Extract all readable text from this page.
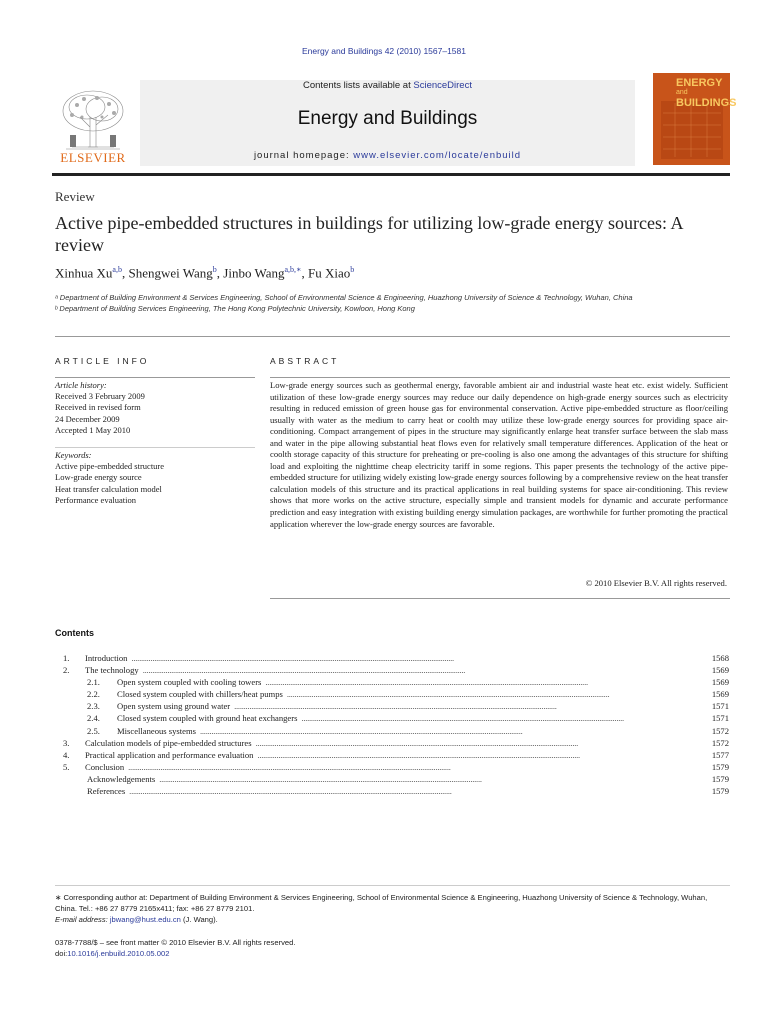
Energy and Buildings 42 (2010) 1567–1581
Contents lists available at ScienceDirect
Energy and Buildings
journal homepage: www.elsevier.com/locate/enbuild
ELSEVIER
ENERGY
and
BUILDINGS
Review
Active pipe-embedded structures in buildings for utilizing low-grade energy sources: A review
Xinhua Xu$^{a,b}$, Shengwei Wang$^b$, Jinbo Wang$^{a,b,∗}$, Fu Xiao$^b$
ᵃ Department of Building Environment & Services Engineering, School of Environmental Science & Engineering, Huazhong University of Science & Technology, Wuhan, China
ᵇ Department of Building Services Engineering, The Hong Kong Polytechnic University, Kowloon, Hong Kong
ARTICLE INFO	ABSTRACT
Article history:
Received 3 February 2009
Received in revised form
24 December 2009
Accepted 1 May 2010
Keywords:
Active pipe-embedded structure
Low-grade energy source
Heat transfer calculation model
Performance evaluation
Low-grade energy sources such as geothermal energy, favorable ambient air and industrial waste heat etc. exist widely. Sufficient utilization of these low-grade energy sources may reduce our daily dependence on high-grade energy sources such as electricity resulting in reduced emission of green house gas for environmental conservation. Active pipe-embedded structure as floor/ceiling usually with water as the medium to carry heat or coolth may utilize these low-grade energy sources for providing space air-conditioning. Compact arrangement of pipes in the structure may significantly enlarge heat transfer surface between the slab mass and water in the pipe allowing substantial heat flows even for relatively small temperature differences. Application of the heat or coolth storage capacity of this structure for preheating or pre-cooling is also one among the advantages of this structure for shifting load and exploiting the nighttime cheap electricity tariff in some regions. This paper presents the technology of the active pipe-embedded structure for utilizing widely existing low-grade energy sources following by a comprehensive review on the heat transfer calculation models of this structure and its practical applications in real building systems for space air-conditioning. This review shows that more works on the active structure, especially simple and transient models for dynamic and accurate performance prediction and easy integration with existing building energy simulation packages, are worthwhile for further promoting the practical application wherever the low-grade energy sources are favorable.
© 2010 Elsevier B.V. All rights reserved.
Contents
1.	Introduction . . .	1568
2.	The technology . . .	1569
2.1.	Open system coupled with cooling towers . . .	1569
2.2.	Closed system coupled with chillers/heat pumps . . .	1569
2.3.	Open system using ground water . . .	1571
2.4.	Closed system coupled with ground heat exchangers . . .	1571
2.5.	Miscellaneous systems . . .	1572
3.	Calculation models of pipe-embedded structures . . .	1572
4.	Practical application and performance evaluation . . .	1577
5.	Conclusion . . .	1579
Acknowledgements . . .	1579
References . . .	1579
∗ Corresponding author at: Department of Building Environment & Services Engineering, School of Environmental Science & Engineering, Huazhong University of Science & Technology, Wuhan, China. Tel.: +86 27 8779 2165x411; fax: +86 27 8779 2101.
E-mail address: jbwang@hust.edu.cn (J. Wang).
0378-7788/$ – see front matter © 2010 Elsevier B.V. All rights reserved.
doi:10.1016/j.enbuild.2010.05.002
